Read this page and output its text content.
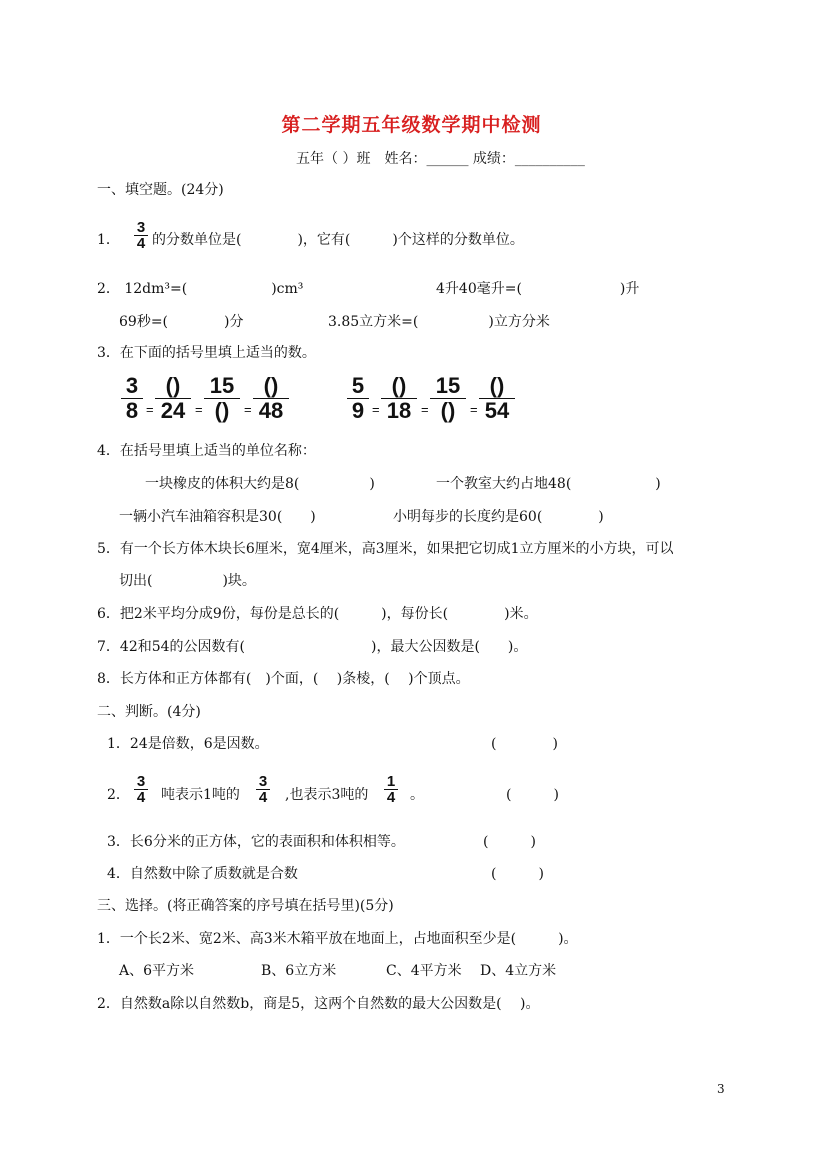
第二学期五年级数学期中检测
五年（ ）班　姓名：______ 成绩：__________
一、填空题。(24分)
1．
3
4 的分数单位是(　　　　)，它有(　　　)个这样的分数单位。
2． 12dm³=(　　　　　　)cm³	4升40毫升=(　　　　　　　)升
69秒=(　　　　)分	3.85立方米=(　　　　　)立方分米
3．在下面的括号里填上适当的数。
3
8 =
()
24 =
15
()	=
()
48
5
9 =
()
18 =
15
()	=
()
54
4．在括号里填上适当的单位名称：
一块橡皮的体积大约是8(　　　　　)	一个教室大约占地48(　　　　　　)
一辆小汽车油箱容积是30(　　)	小明每步的长度约是60(　　　　)
5．有一个长方体木块长6厘米，宽4厘米，高3厘米，如果把它切成1立方厘米的小方块，可以
切出(　　　　　)块。
6．把2米平均分成9份，每份是总长的(　　　)，每份长(　　　　)米。
7．42和54的公因数有(　　　　　　　　　)，最大公因数是(　　)。
8．长方体和正方体都有(　)个面，(　 )条棱，(　 )个顶点。
二、判断。(4分)
1．24是倍数，6是因数。	(　　　　)
2．
3
4 吨表示1吨的
3
4 ,也表示3吨的
1
4 。	(　　　)
3．长6分米的正方体，它的表面积和体积相等。	(　　　)
4．自然数中除了质数就是合数	(　　　)
三、选择。(将正确答案的序号填在括号里)(5分)
1．一个长2米、宽2米、高3米木箱平放在地面上，占地面积至少是(　　　)。
A、6平方米	B、6立方米	C、4平方米 D、4立方米
2．自然数a除以自然数b，商是5，这两个自然数的最大公因数是(　 )。
3
